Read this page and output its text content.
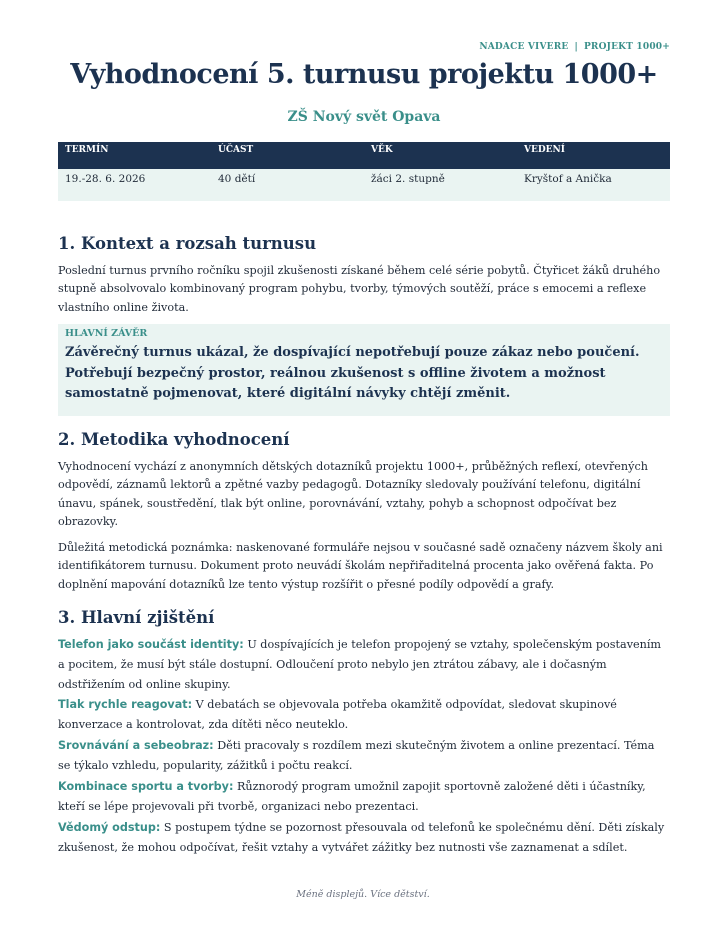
NADACE VIVERE | PROJEKT 1000+
Vyhodnocení 5. turnusu projektu 1000+
ZŠ Nový svět Opava
TERMÍN	ÚČAST	VĚK	VEDENÍ
19.-28. 6. 2026	40 dětí	žáci 2. stupně	Kryštof a Anička
1. Kontext a rozsah turnusu

Poslední turnus prvního ročníku spojil zkušenosti získané během celé série pobytů. Čtyřicet žáků druhého stupně absolvovalo kombinovaný program pohybu, tvorby, týmových soutěží, práce s emocemi a reflexe vlastního online života.

HLAVNÍ ZÁVĚR
Závěrečný turnus ukázal, že dospívající nepotřebují pouze zákaz nebo poučení. Potřebují bezpečný prostor, reálnou zkušenost s offline životem a možnost samostatně pojmenovat, které digitální návyky chtějí změnit.
2. Metodika vyhodnocení

Vyhodnocení vychází z anonymních dětských dotazníků projektu 1000+, průběžných reflexí, otevřených odpovědí, záznamů lektorů a zpětné vazby pedagogů. Dotazníky sledovaly používání telefonu, digitální únavu, spánek, soustředění, tlak být online, porovnávání, vztahy, pohyb a schopnost odpočívat bez obrazovky.

Důležitá metodická poznámka: naskenované formuláře nejsou v současné sadě označeny názvem školy ani identifikátorem turnusu. Dokument proto neuvádí školám nepřiřaditelná procenta jako ověřená fakta. Po doplnění mapování dotazníků lze tento výstup rozšířit o přesné podíly odpovědí a grafy.

3. Hlavní zjištění

Telefon jako součást identity: U dospívajících je telefon propojený se vztahy, společenským postavením a pocitem, že musí být stále dostupní. Odloučení proto nebylo jen ztrátou zábavy, ale i dočasným odstřižením od online skupiny.

Tlak rychle reagovat: V debatách se objevovala potřeba okamžitě odpovídat, sledovat skupinové konverzace a kontrolovat, zda dítěti něco neuteklo.

Srovnávání a sebeobraz: Děti pracovaly s rozdílem mezi skutečným životem a online prezentací. Téma se týkalo vzhledu, popularity, zážitků i počtu reakcí.

Kombinace sportu a tvorby: Různorodý program umožnil zapojit sportovně založené děti i účastníky, kteří se lépe projevovali při tvorbě, organizaci nebo prezentaci.

Vědomý odstup: S postupem týdne se pozornost přesouvala od telefonů ke společnému dění. Děti získaly zkušenost, že mohou odpočívat, řešit vztahy a vytvářet zážitky bez nutnosti vše zaznamenat a sdílet.

Méně displejů. Více dětství.
